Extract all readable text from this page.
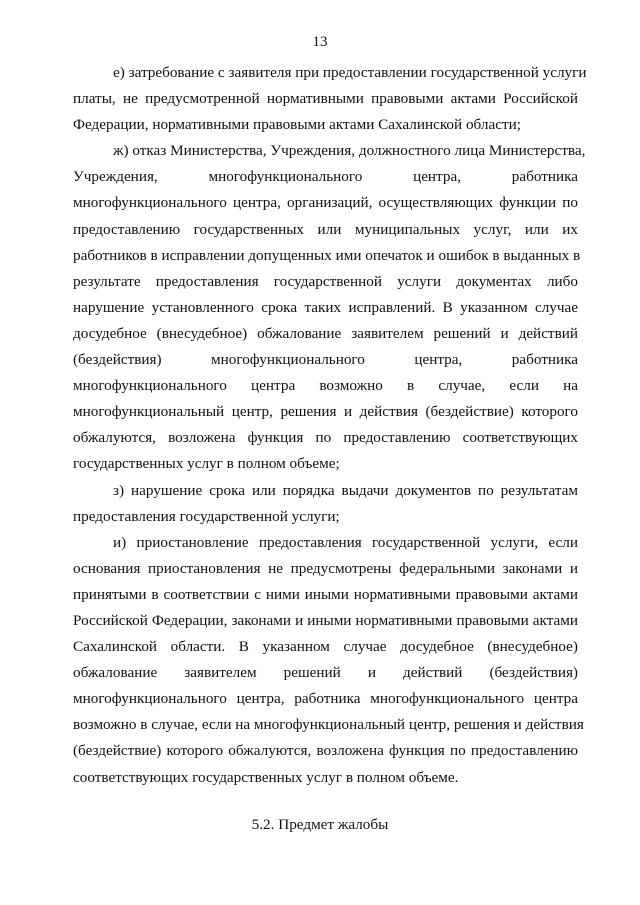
13

е) затребование с заявителя при предоставлении государственной услуги
платы, не предусмотренной нормативными правовыми актами Российской
Федерации, нормативными правовыми актами Сахалинской области;

ж) отказ Министерства, Учреждения, должностного лица Министерства,
Учреждения, многофункционального центра, работника
многофункционального центра, организаций, осуществляющих функции по
предоставлению государственных или муниципальных услуг, или их
работников в исправлении допущенных ими опечаток и ошибок в выданных в
результате предоставления государственной услуги документах либо
нарушение установленного срока таких исправлений. В указанном случае
досудебное (внесудебное) обжалование заявителем решений и действий
(бездействия) многофункционального центра, работника
многофункционального центра возможно в случае, если на
многофункциональный центр, решения и действия (бездействие) которого
обжалуются, возложена функция по предоставлению соответствующих
государственных услуг в полном объеме;

з) нарушение срока или порядка выдачи документов по результатам
предоставления государственной услуги;

и) приостановление предоставления государственной услуги, если
основания приостановления не предусмотрены федеральными законами и
принятыми в соответствии с ними иными нормативными правовыми актами
Российской Федерации, законами и иными нормативными правовыми актами
Сахалинской области. В указанном случае досудебное (внесудебное)
обжалование заявителем решений и действий (бездействия)
многофункционального центра, работника многофункционального центра
возможно в случае, если на многофункциональный центр, решения и действия
(бездействие) которого обжалуются, возложена функция по предоставлению
соответствующих государственных услуг в полном объеме.

5.2. Предмет жалобы
